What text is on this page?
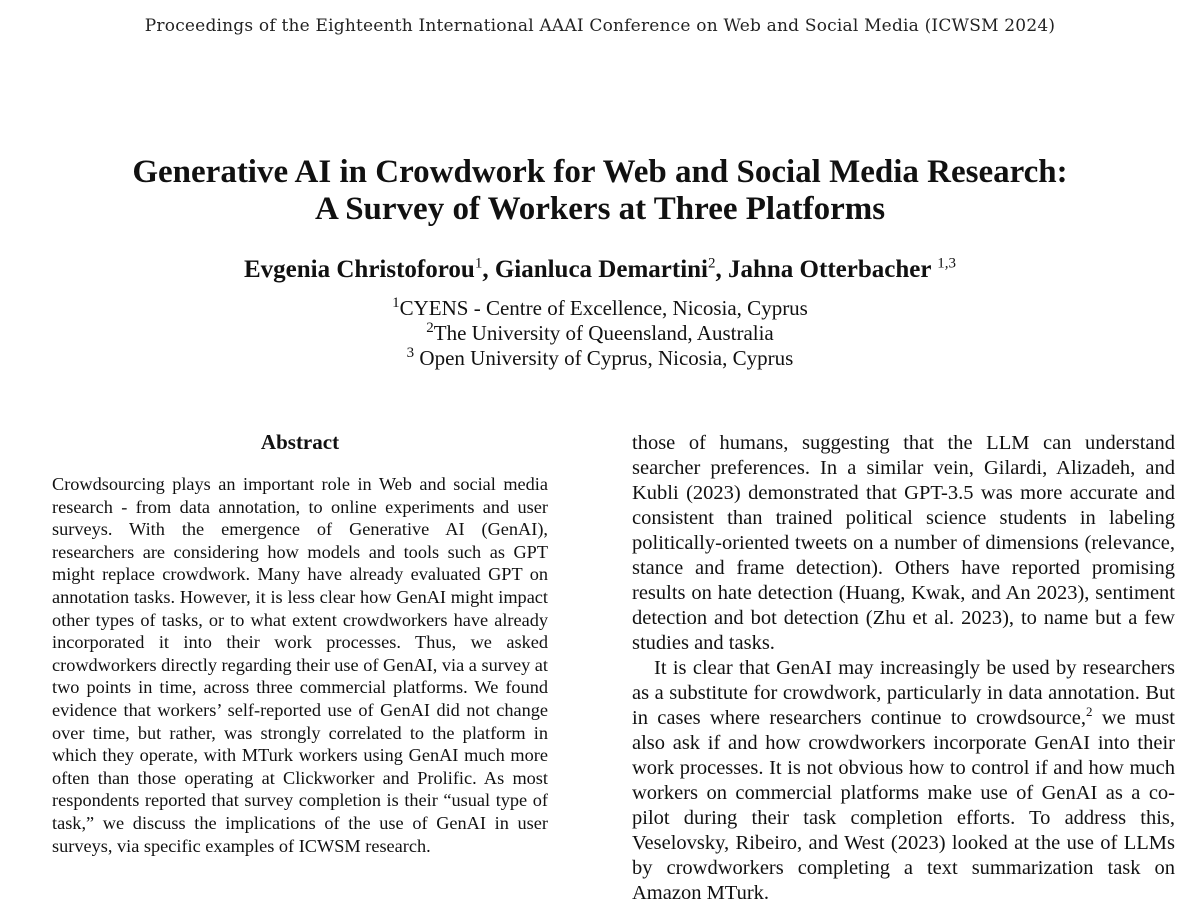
Proceedings of the Eighteenth International AAAI Conference on Web and Social Media (ICWSM 2024)
Generative AI in Crowdwork for Web and Social Media Research:
A Survey of Workers at Three Platforms
Evgenia Christoforou$^1$, Gianluca Demartini$^2$, Jahna Otterbacher $^{1,3}$
$^1$CYENS - Centre of Excellence, Nicosia, Cyprus
$^2$The University of Queensland, Australia
$^3$ Open University of Cyprus, Nicosia, Cyprus
Abstract
Crowdsourcing plays an important role in Web and social media research - from data annotation, to online experiments and user surveys. With the emergence of Generative AI (GenAI), researchers are considering how models and tools such as GPT might replace crowdwork. Many have already evaluated GPT on annotation tasks. However, it is less clear how GenAI might impact other types of tasks, or to what extent crowdworkers have already incorporated it into their work processes. Thus, we asked crowdworkers directly regarding their use of GenAI, via a survey at two points in time, across three commercial platforms. We found evidence that workers’ self-reported use of GenAI did not change over time, but rather, was strongly correlated to the platform in which they operate, with MTurk workers using GenAI much more often than those operating at Clickworker and Prolific. As most respondents reported that survey completion is their “usual type of task,” we discuss the implications of the use of GenAI in user surveys, via specific examples of ICWSM research.

those of humans, suggesting that the LLM can understand searcher preferences. In a similar vein, Gilardi, Alizadeh, and Kubli (2023) demonstrated that GPT-3.5 was more accurate and consistent than trained political science students in labeling politically-oriented tweets on a number of dimensions (relevance, stance and frame detection). Others have reported promising results on hate detection (Huang, Kwak, and An 2023), sentiment detection and bot detection (Zhu et al. 2023), to name but a few studies and tasks.

It is clear that GenAI may increasingly be used by researchers as a substitute for crowdwork, particularly in data annotation. But in cases where researchers continue to crowdsource,$^2$ we must also ask if and how crowdworkers incorporate GenAI into their work processes. It is not obvious how to control if and how much workers on commercial platforms make use of GenAI as a co-pilot during their task completion efforts. To address this, Veselovsky, Ribeiro, and West (2023) looked at the use of LLMs by crowdworkers completing a text summarization task on Amazon MTurk.
